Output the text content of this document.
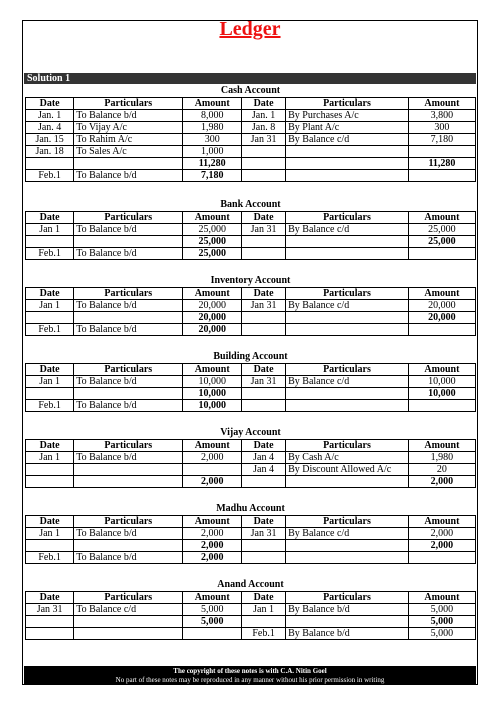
Ledger
Solution 1
Cash Account
Date	Particulars	Amount	Date	Particulars	Amount
Jan. 1	To Balance b/d	8,000	Jan. 1	By Purchases A/c	3,800
Jan. 4	To Vijay A/c	1,980	Jan. 8	By Plant A/c	300
Jan. 15	To Rahim A/c	300	Jan 31	By Balance c/d	7,180
Jan. 18	To Sales A/c	1,000			
		11,280			11,280
Feb.1	To Balance b/d	7,180			
Bank Account
Date	Particulars	Amount	Date	Particulars	Amount
Jan 1	To Balance b/d	25,000	Jan 31	By Balance c/d	25,000
		25,000			25,000
Feb.1	To Balance b/d	25,000			
Inventory Account
Date	Particulars	Amount	Date	Particulars	Amount
Jan 1	To Balance b/d	20,000	Jan 31	By Balance c/d	20,000
		20,000			20,000
Feb.1	To Balance b/d	20,000			
Building Account
Date	Particulars	Amount	Date	Particulars	Amount
Jan 1	To Balance b/d	10,000	Jan 31	By Balance c/d	10,000
		10,000			10,000
Feb.1	To Balance b/d	10,000			
Vijay Account
Date	Particulars	Amount	Date	Particulars	Amount
Jan 1	To Balance b/d	2,000	Jan 4	By Cash A/c	1,980
			Jan 4	By Discount Allowed A/c	20
		2,000			2,000
Madhu Account
Date	Particulars	Amount	Date	Particulars	Amount
Jan 1	To Balance b/d	2,000	Jan 31	By Balance c/d	2,000
		2,000			2,000
Feb.1	To Balance b/d	2,000			
Anand Account
Date	Particulars	Amount	Date	Particulars	Amount
Jan 31	To Balance c/d	5,000	Jan 1	By Balance b/d	5,000
		5,000			5,000
			Feb.1	By Balance b/d	5,000
The copyright of these notes is with C.A. Nitin Goel
No part of these notes may be reproduced in any manner without his prior permission in writing
